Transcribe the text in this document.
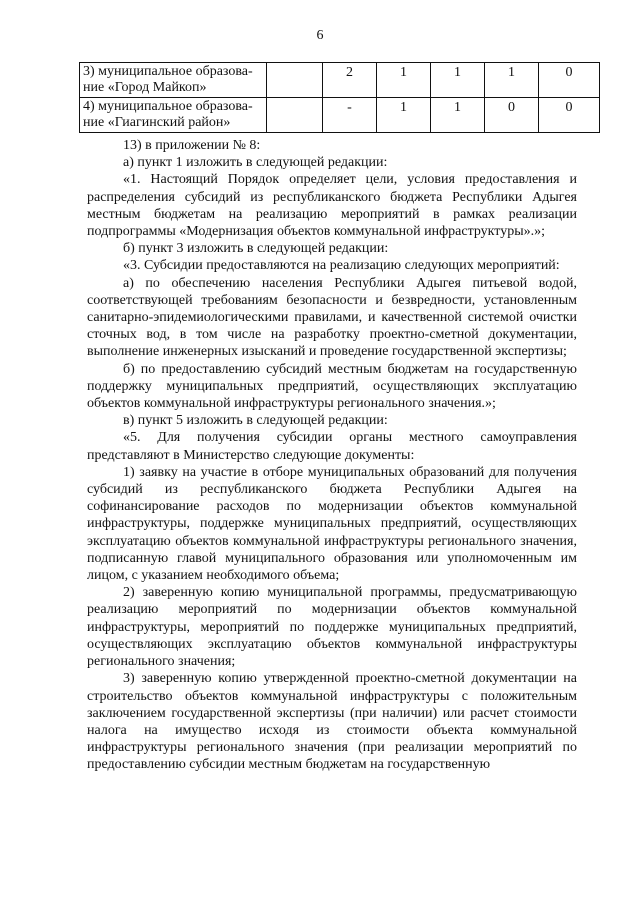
6
3) муниципальное образова-ние «Город Майкоп»		2	1	1	1	0
4) муниципальное образова-ние «Гиагинский район»		-	1	1	0	0

13) в приложении № 8:

а) пункт 1 изложить в следующей редакции:

«1. Настоящий Порядок определяет цели, условия предоставления и распределения субсидий из республиканского бюджета Республики Адыгея местным бюджетам на реализацию мероприятий в рамках реализации подпрограммы «Модернизация объектов коммунальной инфраструктуры».»;

б) пункт 3 изложить в следующей редакции:

«3. Субсидии предоставляются на реализацию следующих мероприятий:

а) по обеспечению населения Республики Адыгея питьевой водой, соответствующей требованиям безопасности и безвредности, установленным санитарно-эпидемиологическими правилами, и качественной системой очистки сточных вод, в том числе на разработку проектно-сметной документации, выполнение инженерных изысканий и проведение государственной экспертизы;

б) по предоставлению субсидий местным бюджетам на государственную поддержку муниципальных предприятий, осуществляющих эксплуатацию объектов коммунальной инфраструктуры регионального значения.»;

в) пункт 5 изложить в следующей редакции:

«5. Для получения субсидии органы местного самоуправления представляют в Министерство следующие документы:

1) заявку на участие в отборе муниципальных образований для получения субсидий из республиканского бюджета Республики Адыгея на софинансирование расходов по модернизации объектов коммунальной инфраструктуры, поддержке муниципальных предприятий, осуществляющих эксплуатацию объектов коммунальной инфраструктуры регионального значения, подписанную главой муниципального образования или уполномоченным им лицом, с указанием необходимого объема;

2) заверенную копию муниципальной программы, предусматривающую реализацию мероприятий по модернизации объектов коммунальной инфраструктуры, мероприятий по поддержке муниципальных предприятий, осуществляющих эксплуатацию объектов коммунальной инфраструктуры регионального значения;

3) заверенную копию утвержденной проектно-сметной документации на строительство объектов коммунальной инфраструктуры с положительным заключением государственной экспертизы (при наличии) или расчет стоимости налога на имущество исходя из стоимости объекта коммунальной инфраструктуры регионального значения (при реализации мероприятий по предоставлению субсидии местным бюджетам на государственную
